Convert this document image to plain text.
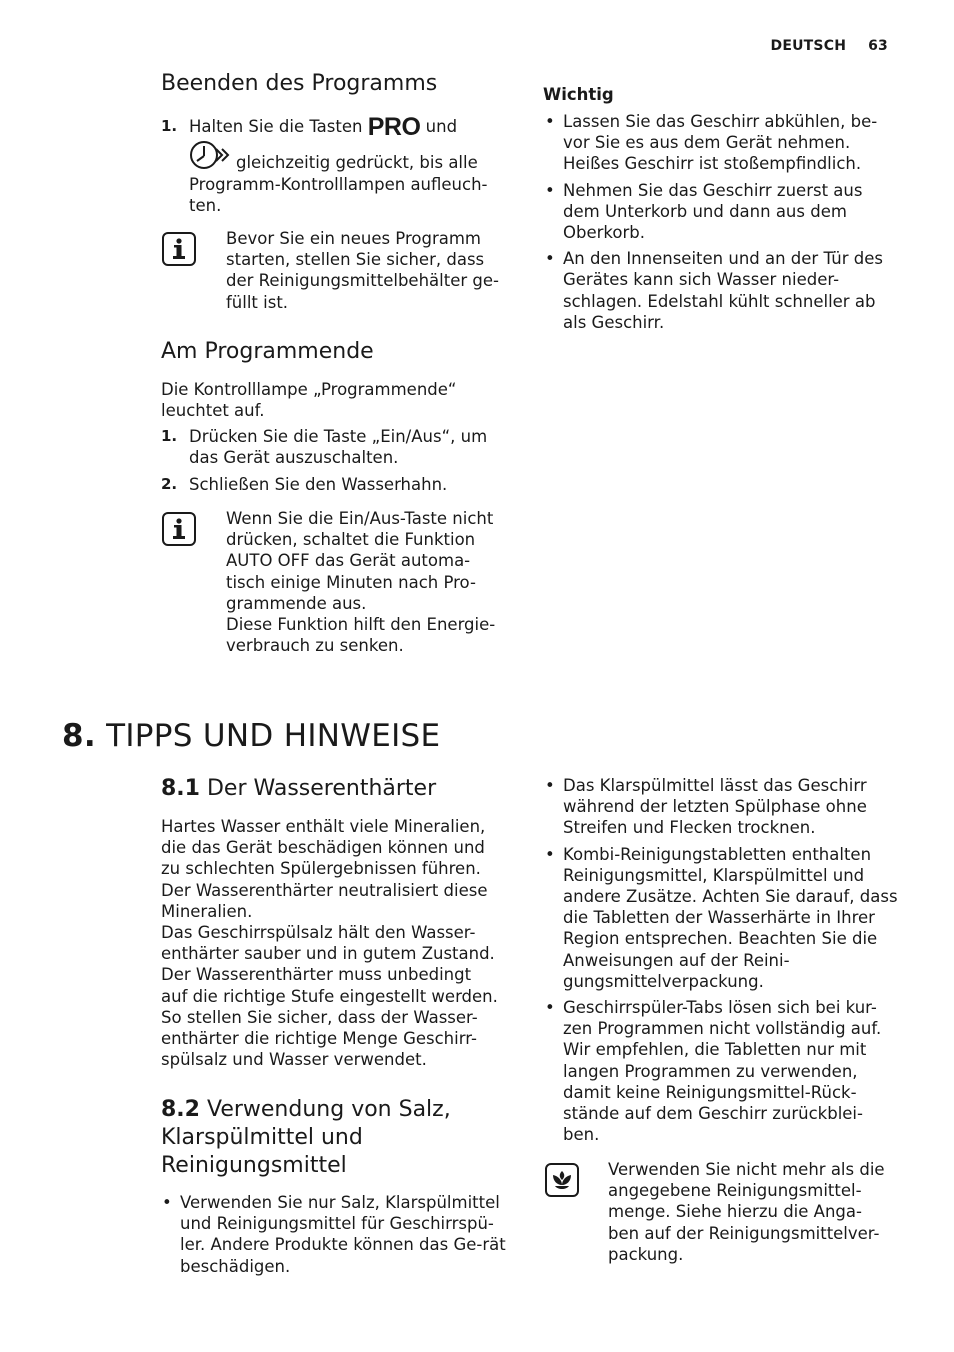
DEUTSCH 63
Beenden des Programms
1. Halten Sie die Tasten PRO und
gleichzeitig gedrückt, bis alle
Programm-Kontrolllampen aufleuch-
ten.

Bevor Sie ein neues Programm starten, stellen Sie sicher, dass der Reinigungsmittelbehälter ge-füllt ist.

Am Programmende

Die Kontrolllampe „Programmende“ leuchtet auf.

1. Drücken Sie die Taste „Ein/Aus“, um das Gerät auszuschalten.
2. Schließen Sie den Wasserhahn.
Wenn Sie die Ein/Aus-Taste nicht
drücken, schaltet die Funktion
AUTO OFF das Gerät automa-
tisch einige Minuten nach Pro-
grammende aus.
Diese Funktion hilft den Energie-
verbrauch zu senken.

Wichtig

• Lassen Sie das Geschirr abkühlen, be-vor Sie es aus dem Gerät nehmen. Heißes Geschirr ist stoßempfindlich.
• Nehmen Sie das Geschirr zuerst aus dem Unterkorb und dann aus dem Oberkorb.
• An den Innenseiten und an der Tür des Gerätes kann sich Wasser nieder-schlagen. Edelstahl kühlt schneller ab als Geschirr.
8. TIPPS UND HINWEISE
8.1 Der Wasserenthärter
Hartes Wasser enthält viele Mineralien,
die das Gerät beschädigen können und
zu schlechten Spülergebnissen führen.
Der Wasserenthärter neutralisiert diese
Mineralien.
Das Geschirrspülsalz hält den Wasser-
enthärter sauber und in gutem Zustand.
Der Wasserenthärter muss unbedingt
auf die richtige Stufe eingestellt werden.
So stellen Sie sicher, dass der Wasser-
enthärter die richtige Menge Geschirr-
spülsalz und Wasser verwendet.
8.2 Verwendung von Salz,
Klarspülmittel und
Reinigungsmittel
• Verwenden Sie nur Salz, Klarspülmittel und Reinigungsmittel für Geschirrspü-ler. Andere Produkte können das Ge-rät beschädigen.
• Das Klarspülmittel lässt das Geschirr während der letzten Spülphase ohne Streifen und Flecken trocknen.
• Kombi-Reinigungstabletten enthalten Reinigungsmittel, Klarspülmittel und andere Zusätze. Achten Sie darauf, dass die Tabletten der Wasserhärte in Ihrer Region entsprechen. Beachten Sie die Anweisungen auf der Reini-gungsmittelverpackung.
• Geschirrspüler-Tabs lösen sich bei kur-zen Programmen nicht vollständig auf. Wir empfehlen, die Tabletten nur mit langen Programmen zu verwenden, damit keine Reinigungsmittel-Rück-stände auf dem Geschirr zurückblei-ben.
Verwenden Sie nicht mehr als die
angegebene Reinigungsmittel-
menge. Siehe hierzu die Anga-
ben auf der Reinigungsmittelver-
packung.
